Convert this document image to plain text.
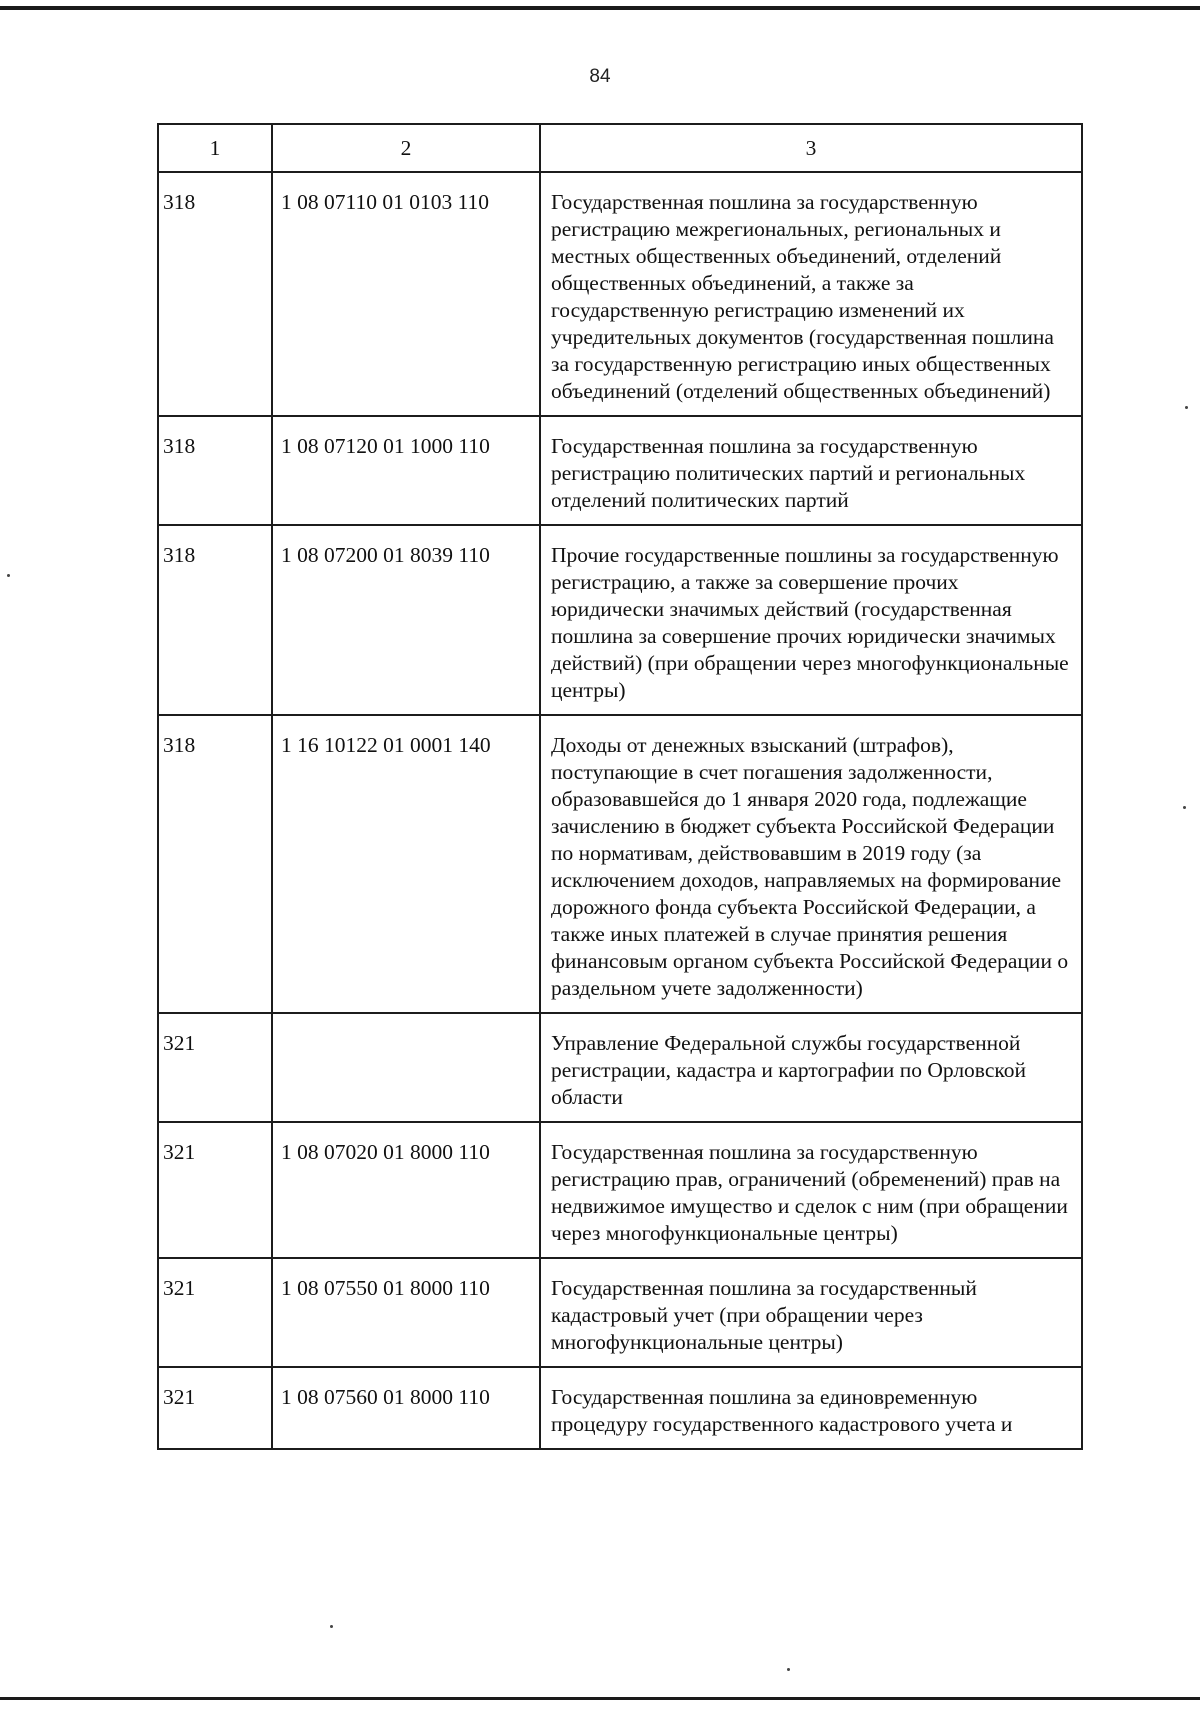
84
1	2	3
318	1 08 07110 01 0103 110	Государственная пошлина за государственную регистрацию межрегиональных, региональных и местных общественных объединений, отделений общественных объединений, а также за государственную регистрацию изменений их учредительных документов (государственная пошлина за государственную регистрацию иных общественных объединений (отделений общественных объединений)
318	1 08 07120 01 1000 110	Государственная пошлина за государственную регистрацию политических партий и региональных отделений политических партий
318	1 08 07200 01 8039 110	Прочие государственные пошлины за государственную регистрацию, а также за совершение прочих юридически значимых действий (государственная пошлина за совершение прочих юридически значимых действий) (при обращении через многофункциональные центры)
318	1 16 10122 01 0001 140	Доходы от денежных взысканий (штрафов), поступающие в счет погашения задолженности, образовавшейся до 1 января 2020 года, подлежащие зачислению в бюджет субъекта Российской Федерации по нормативам, действовавшим в 2019 году (за исключением доходов, направляемых на формирование дорожного фонда субъекта Российской Федерации, а также иных платежей в случае принятия решения финансовым органом субъекта Российской Федерации о раздельном учете задолженности)
321		Управление Федеральной службы государственной регистрации, кадастра и картографии по Орловской области
321	1 08 07020 01 8000 110	Государственная пошлина за государственную регистрацию прав, ограничений (обременений) прав на недвижимое имущество и сделок с ним (при обращении через многофункциональные центры)
321	1 08 07550 01 8000 110	Государственная пошлина за государственный кадастровый учет (при обращении через многофункциональные центры)
321	1 08 07560 01 8000 110	Государственная пошлина за единовременную процедуру государственного кадастрового учета и
